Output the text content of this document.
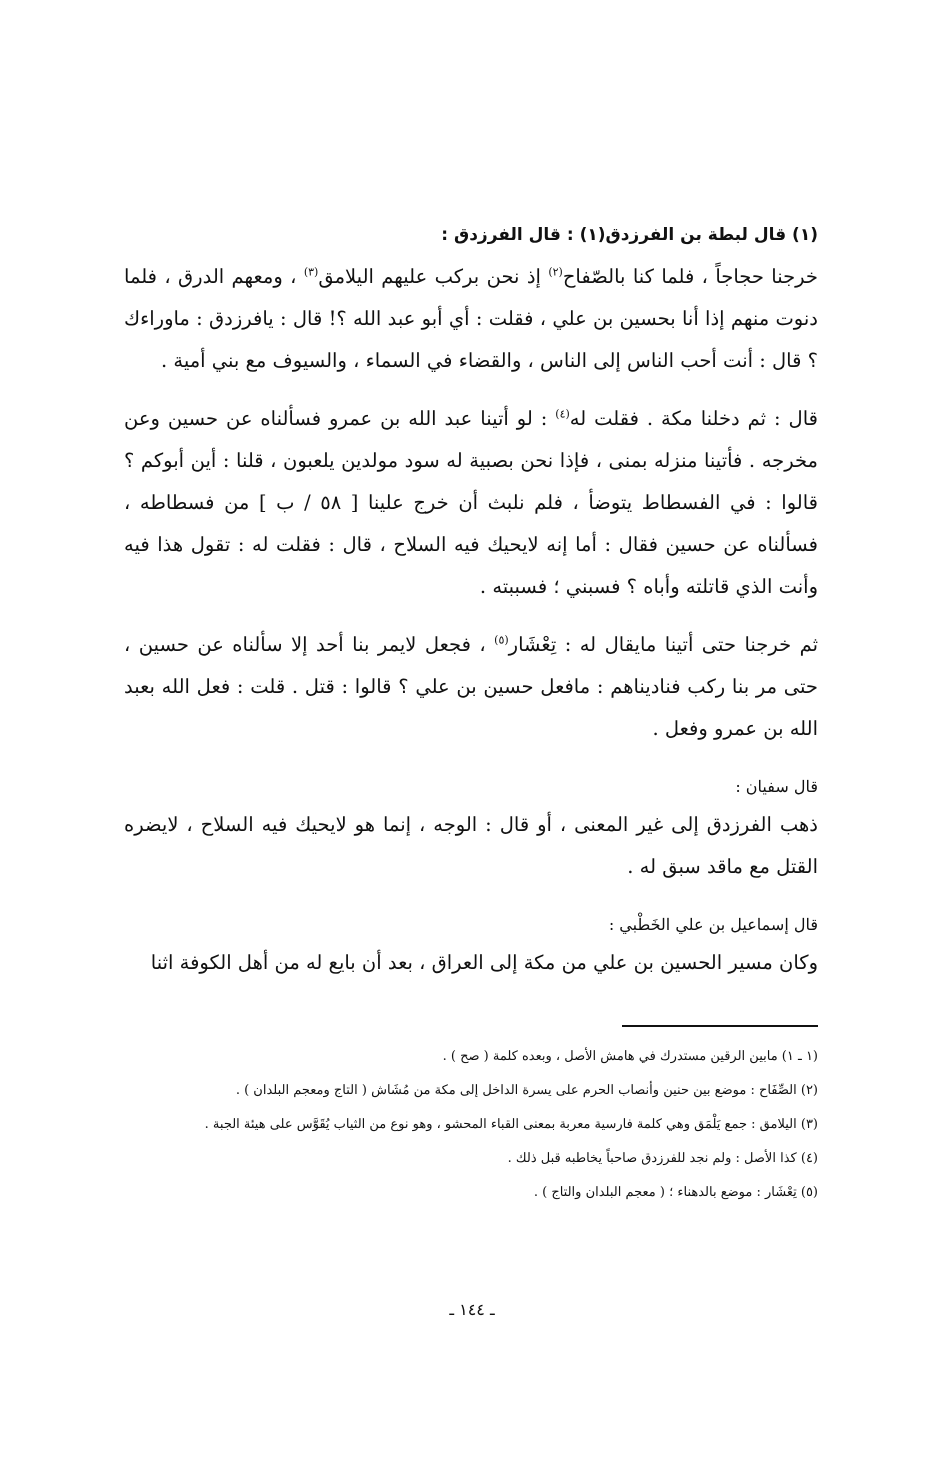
(١) قال لبطة بن الفرزدق(١) : قال الفرزدق :

خرجنا حجاجاً ، فلما كنا بالصّفاح$^{(٢)}$ إذ نحن بركب عليهم اليلامق$^{(٣)}$ ، ومعهم الدرق ، فلما دنوت منهم إذا أنا بحسين بن علي ، فقلت : أي أبو عبد الله ؟! قال : يافرزدق : ماوراءك ؟ قال : أنت أحب الناس إلى الناس ، والقضاء في السماء ، والسيوف مع بني أمية .

قال : ثم دخلنا مكة . فقلت له$^{(٤)}$ : لو أتينا عبد الله بن عمرو فسألناه عن حسين وعن مخرجه . فأتينا منزله بمنى ، فإذا نحن بصبية له سود مولدين يلعبون ، قلنا : أين أبوكم ؟ قالوا : في الفسطاط يتوضأ ، فلم نلبث أن خرج علينا [ ٥٨ / ب ] من فسطاطه ، فسألناه عن حسين فقال : أما إنه لايحيك فيه السلاح ، قال : فقلت له : تقول هذا فيه وأنت الذي قاتلته وأباه ؟ فسبني ؛ فسببته .

ثم خرجنا حتى أتينا مايقال له : تِعْشَار$^{(٥)}$ ، فجعل لايمر بنا أحد إلا سألناه عن حسين ، حتى مر بنا ركب فناديناهم : مافعل حسين بن علي ؟ قالوا : قتل . قلت : فعل الله بعبد الله بن عمرو وفعل .

قال سفيان :

ذهب الفرزدق إلى غير المعنى ، أو قال : الوجه ، إنما هو لايحيك فيه السلاح ، لايضره القتل مع ماقد سبق له .

قال إسماعيل بن علي الخَطْبي :

وكان مسير الحسين بن علي من مكة إلى العراق ، بعد أن بايع له من أهل الكوفة اثنا

(١ ـ ١) مابين الرقين مستدرك في هامش الأصل ، وبعده كلمة ( صح ) .

(٢) الصِّفَاح : موضع بين حنين وأنصاب الحرم على يسرة الداخل إلى مكة من مُشَاش ( التاج ومعجم البلدان ) .

(٣) اليلامق : جمع يَلْمَق وهي كلمة فارسية معربة بمعنى القباء المحشو ، وهو نوع من الثياب يُقَوَّس على هيئة الجبة .

(٤) كذا الأصل : ولم نجد للفرزدق صاحباً يخاطبه قبل ذلك .

(٥) تِعْشَار : موضع بالدهناء ؛ ( معجم البلدان والتاج ) .

ـ ١٤٤ ـ
